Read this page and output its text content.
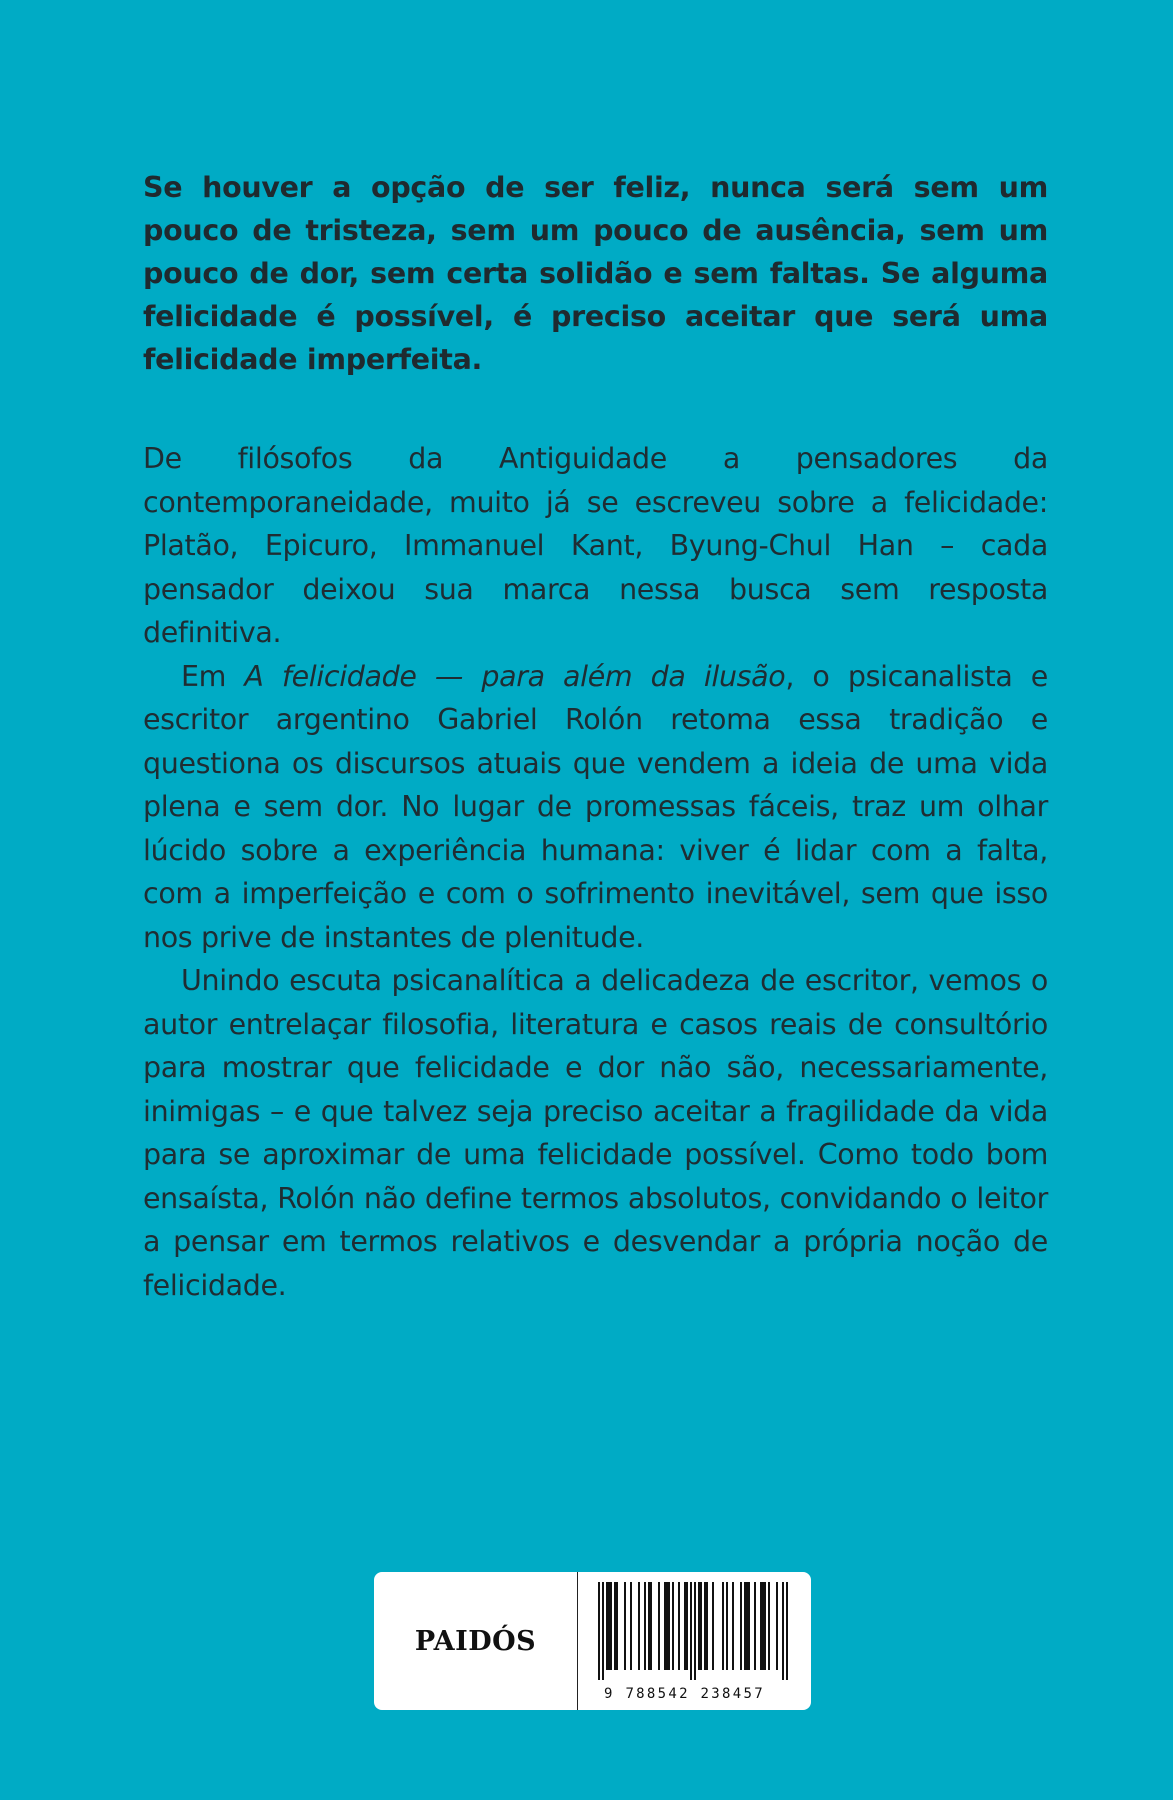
Se houver a opção de ser feliz, nunca será sem um pouco de tristeza, sem um pouco de ausência, sem um pouco de dor, sem certa solidão e sem faltas. Se alguma felicidade é possível, é preciso aceitar que será uma felicidade imperfeita.

De filósofos da Antiguidade a pensadores da contemporaneidade, muito já se escreveu sobre a felicidade: Platão, Epicuro, Immanuel Kant, Byung-Chul Han – cada pensador deixou sua marca nessa busca sem resposta definitiva.

Em A felicidade — para além da ilusão, o psicanalista e escritor argentino Gabriel Rolón retoma essa tradição e questiona os discursos atuais que vendem a ideia de uma vida plena e sem dor. No lugar de promessas fáceis, traz um olhar lúcido sobre a experiência humana: viver é lidar com a falta, com a imperfeição e com o sofrimento inevitável, sem que isso nos prive de instantes de plenitude.

Unindo escuta psicanalítica a delicadeza de escritor, vemos o autor entrelaçar filosofia, literatura e casos reais de consultório para mostrar que felicidade e dor não são, necessariamente, inimigas – e que talvez seja preciso aceitar a fragilidade da vida para se aproximar de uma felicidade possível. Como todo bom ensaísta, Rolón não define termos absolutos, convidando o leitor a pensar em termos relativos e desvendar a própria noção de felicidade.

PAIDÓS
9 788542 238457
